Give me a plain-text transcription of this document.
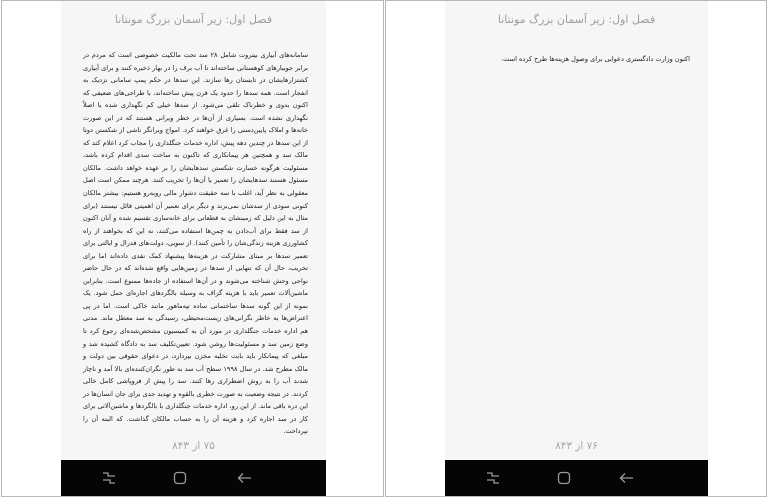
فصل اول: زیر آسمان بزرگ مونتانا

سامانه‌های آبیاری بیتروت شامل ۲۸ سد تحت مالکیت خصوصی است که مردم در برابر جویبارهای کوهستانی ساخته‌اند تا آب برف را در بهار ذخیره کنند و برای آبیاری کشتزارهایشان در تابستان رها سازند. این سدها در حکم پمپ سامانی نزدیک به انفجار است. همه سدها را حدود یک قرن پیش ساخته‌اند، با طراحی‌های ضعیفی که اکنون بدوی و خطرناک تلقی می‌شود. از سدها خیلی کم نگهداری شده یا اصلاً نگهداری نشده است. بسیاری از آن‌ها در خطر ویرانی هستند که در این صورت خانه‌ها و املاک پایین‌دستی را غرق خواهند کرد. امواج ویرانگر ناشی از شکستن دوتا از این سدها در چندین دهه پیش، اداره خدمات جنگلداری را مجاب کرد اعلام کند که مالک سد و همچنین هر پیمانکاری که تاکنون به ساخت سدی اقدام کرده باشد، مسئولیت هرگونه خسارت شکستن سدهایشان را بر عهده خواهد داشت. مالکان مسئول هستند سدهایشان را تعمیر یا آن‌ها را تخریب کنند. هرچند ممکن است اصل معقولی به نظر آید، اغلب با سه حقیقت دشوار مالی روبه‌رو هستیم: بیشتر مالکان کنونی سودی از سدشان نمی‌برند و دیگر برای تعمیر آن اهمیتی قائل نیستند (برای مثال به این دلیل که زمینشان به قطعاتی برای خانه‌سازی تقسیم شده و آنان اکنون از سد فقط برای آب‌دادن به چمن‌ها استفاده می‌کنند، نه این که بخواهند از راه کشاورزی هزینه زندگی‌شان را تأمین کنند). از سویی، دولت‌های فدرال و ایالتی برای تعمیر سدها بر مبنای مشارکت در هزینه‌ها پیشنهاد کمک نقدی داده‌اند اما برای تخریب، حال آن که تنهایی از سدها در زمین‌هایی واقع شده‌اند که در حال حاضر نواحی وحش شناخته می‌شوند و در آن‌ها استفاده از جاده‌ها ممنوع است. بنابراین ماشین‌آلات تعمیر باید با هزینه گزاف به وسیله بالگردهای اجاره‌ای حمل شود. یک نمونه از این گونه سدها ساختمانی ساده تپه‌ماهور مانند خاکی است. اما در پی اعتراض‌ها به خاطر نگرانی‌های زیست‌محیطی، رسیدگی به سد معطل ماند. مدتی هم اداره خدمات جنگلداری در مورد آن به کمیسیون مشخص‌شده‌ای رجوع کرد تا وضع زمین سد و مسئولیت‌ها روشن شود. تعیین‌تکلیف سد به دادگاه کشیده شد و مبلغی که پیمانکار باید بابت تخلیه مخزن بپردازد، در دعوای حقوقی بین دولت و مالک مطرح شد. در سال ۱۹۹۸ سطح آب سد به طور نگران‌کننده‌ای بالا آمد و ناچار شدند آب را به روش اضطراری رها کنند. سد را پیش از فروپاشی کامل خالی کردند. در نتیجه وضعیت به صورت خطری بالقوه و تهدید جدی برای جان انسان‌ها در این دره باقی ماند. از این رو، اداره خدمات جنگلداری با بالگردها و ماشین‌آلاتی برای کار در سد اجاره کرد و هزینه آن را به حساب مالکان گذاشت. که البته آن را نپرداخت.

۷۵ از ۸۴۳
فصل اول: زیر آسمان بزرگ مونتانا

اکنون وزارت دادگستری دعوایی برای وصول هزینه‌ها طرح کرده است.

۷۶ از ۸۴۳
